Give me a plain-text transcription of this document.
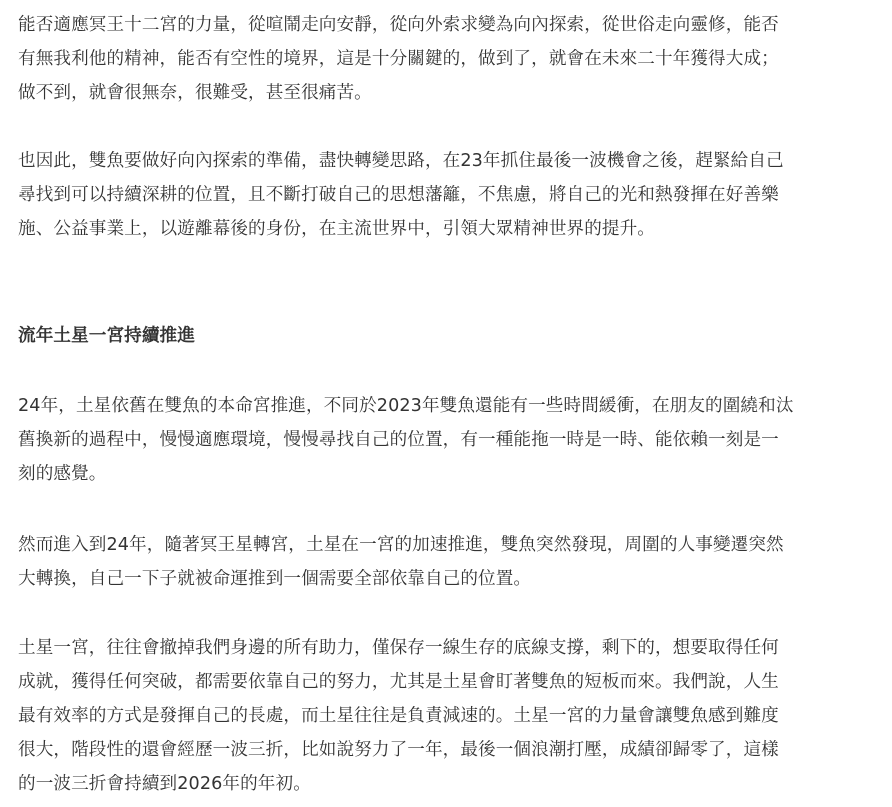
能否適應冥王十二宮的力量，從喧鬧走向安靜，從向外索求變為向內探索，從世俗走向靈修，能否
有無我利他的精神，能否有空性的境界，這是十分關鍵的，做到了，就會在未來二十年獲得大成；
做不到，就會很無奈，很難受，甚至很痛苦。
也因此，雙魚要做好向內探索的準備，盡快轉變思路，在23年抓住最後一波機會之後，趕緊給自己
尋找到可以持續深耕的位置，且不斷打破自己的思想藩籬，不焦慮，將自己的光和熱發揮在好善樂
施、公益事業上，以遊離幕後的身份，在主流世界中，引領大眾精神世界的提升。
流年土星一宮持續推進
24年，土星依舊在雙魚的本命宮推進，不同於2023年雙魚還能有一些時間緩衝，在朋友的圍繞和汰
舊換新的過程中，慢慢適應環境，慢慢尋找自己的位置，有一種能拖一時是一時、能依賴一刻是一
刻的感覺。
然而進入到24年，隨著冥王星轉宮，土星在一宮的加速推進，雙魚突然發現，周圍的人事變遷突然
大轉換，自己一下子就被命運推到一個需要全部依靠自己的位置。
土星一宮，往往會撤掉我們身邊的所有助力，僅保存一線生存的底線支撐，剩下的，想要取得任何
成就，獲得任何突破，都需要依靠自己的努力，尤其是土星會盯著雙魚的短板而來。我們說，人生
最有效率的方式是發揮自己的長處，而土星往往是負責減速的。土星一宮的力量會讓雙魚感到難度
很大，階段性的還會經歷一波三折，比如說努力了一年，最後一個浪潮打壓，成績卻歸零了，這樣
的一波三折會持續到2026年的年初。
